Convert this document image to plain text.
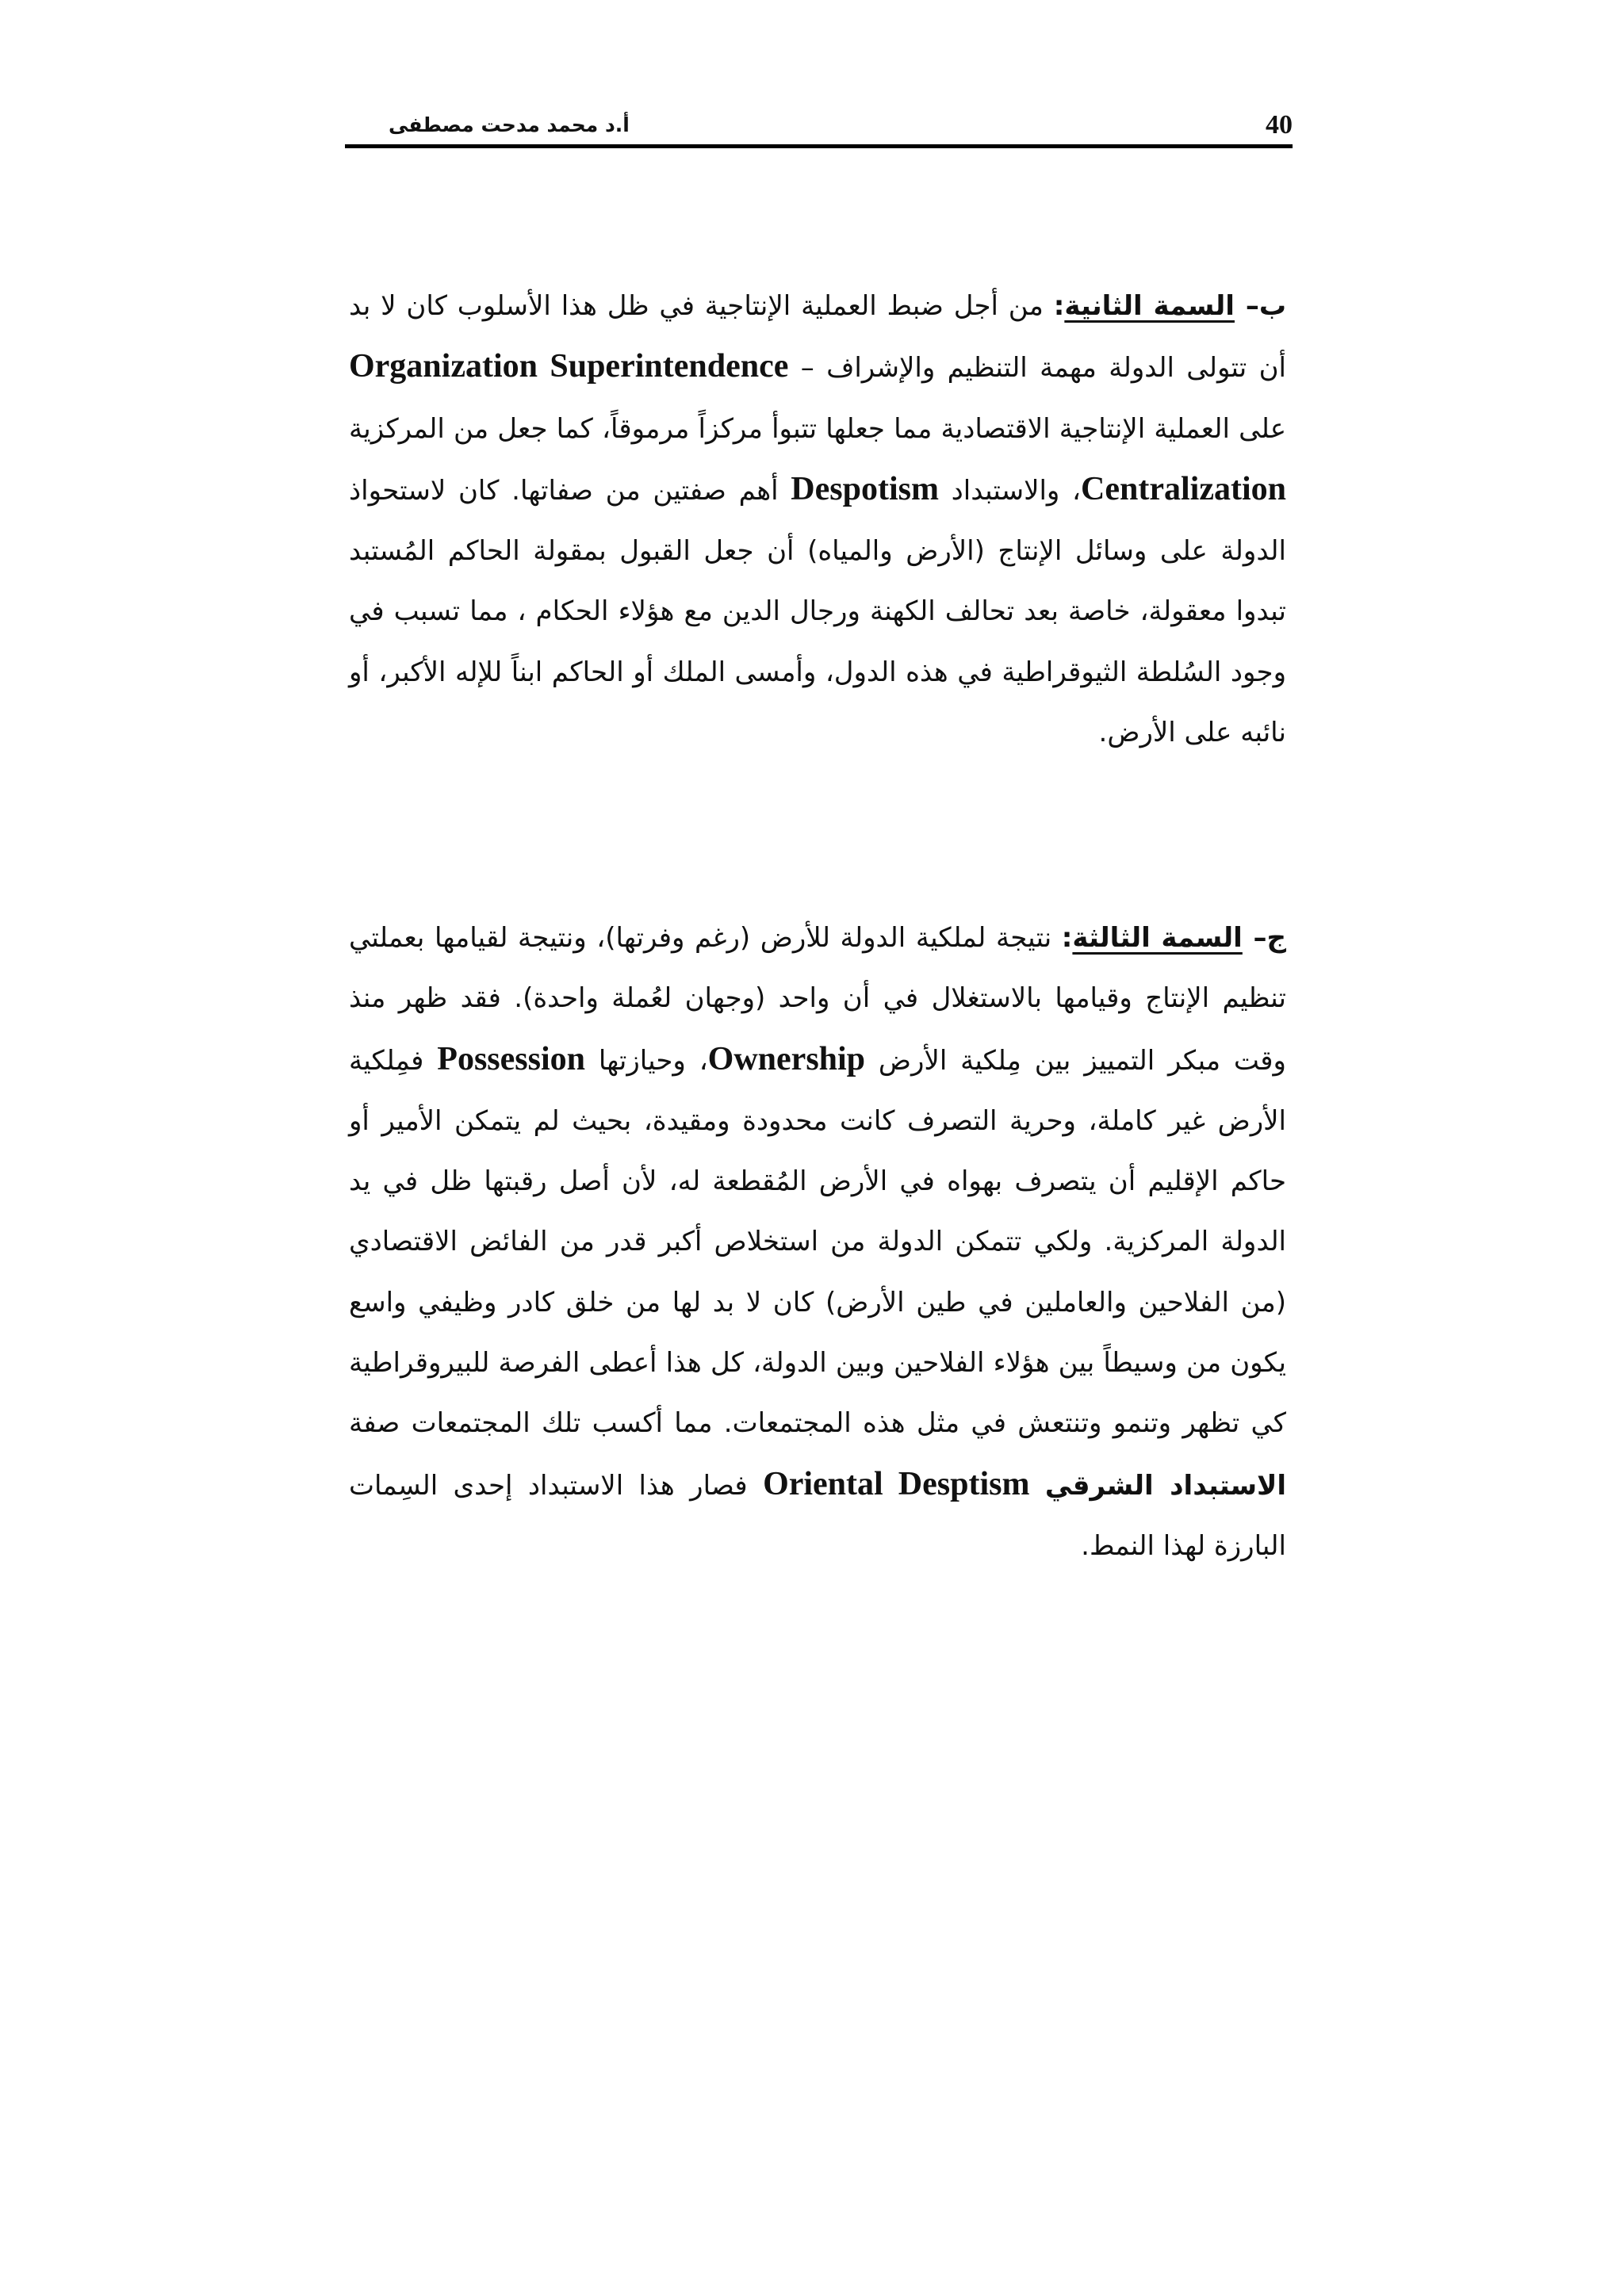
أ.د محمد مدحت مصطفى	40

ب– السمة الثانية: من أجل ضبط العملية الإنتاجية في ظل هذا الأسلوب كان لا بد أن تتولى الدولة مهمة التنظيم والإشراف – Superintendence Organization على العملية الإنتاجية الاقتصادية مما جعلها تتبوأ مركزاً مرموقاً، كما جعل من المركزية Centralization، والاستبداد Despotism أهم صفتين من صفاتها. كان لاستحواذ الدولة على وسائل الإنتاج (الأرض والمياه) أن جعل القبول بمقولة الحاكم المُستبد تبدوا معقولة، خاصة بعد تحالف الكهنة ورجال الدين مع هؤلاء الحكام ، مما تسبب في وجود السُلطة الثيوقراطية في هذه الدول، وأمسى الملك أو الحاكم ابناً للإله الأكبر، أو نائبه على الأرض.

ج– السمة الثالثة: نتيجة لملكية الدولة للأرض (رغم وفرتها)، ونتيجة لقيامها بعملتي تنظيم الإنتاج وقيامها بالاستغلال في أن واحد (وجهان لعُملة واحدة). فقد ظهر منذ وقت مبكر التمييز بين مِلكية الأرض Ownership، وحيازتها Possession فمِلكية الأرض غير كاملة، وحرية التصرف كانت محدودة ومقيدة، بحيث لم يتمكن الأمير أو حاكم الإقليم أن يتصرف بهواه في الأرض المُقطعة له، لأن أصل رقبتها ظل في يد الدولة المركزية. ولكي تتمكن الدولة من استخلاص أكبر قدر من الفائض الاقتصادي (من الفلاحين والعاملين في طين الأرض) كان لا بد لها من خلق كادر وظيفي واسع يكون من وسيطاً بين هؤلاء الفلاحين وبين الدولة، كل هذا أعطى الفرصة للبيروقراطية كي تظهر وتنمو وتنتعش في مثل هذه المجتمعات. مما أكسب تلك المجتمعات صفة الاستبداد الشرقي Oriental Desptism فصار هذا الاستبداد إحدى السِمات البارزة لهذا النمط.
